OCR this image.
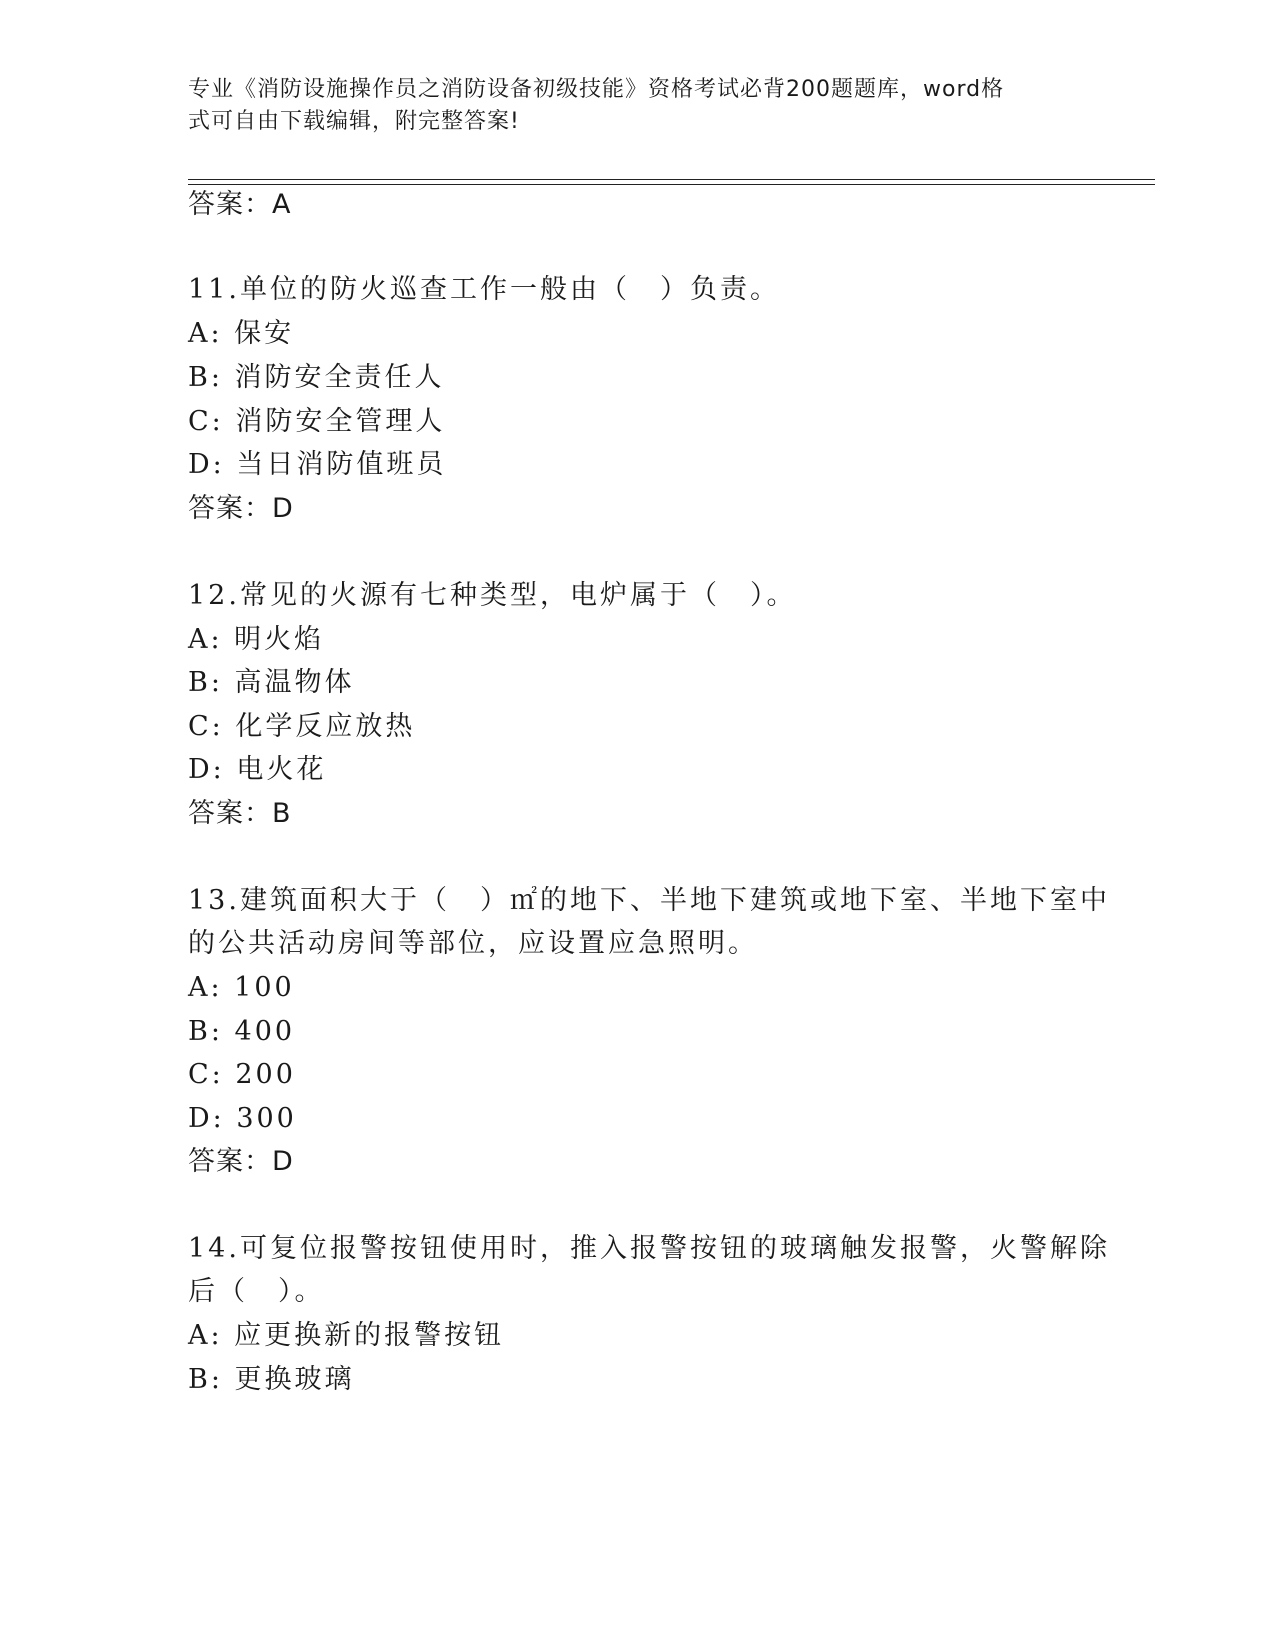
专业《消防设施操作员之消防设备初级技能》资格考试必背200题题库，word格
式可自由下载编辑，附完整答案!
答案：A
11.单位的防火巡查工作一般由（　）负责。
A: 保安
B: 消防安全责任人
C: 消防安全管理人
D: 当日消防值班员
答案：D
12.常见的火源有七种类型，电炉属于（　）。
A: 明火焰
B: 高温物体
C: 化学反应放热
D: 电火花
答案：B
13.建筑面积大于（　）㎡的地下、半地下建筑或地下室、半地下室中
的公共活动房间等部位，应设置应急照明。
A: 100
B: 400
C: 200
D: 300
答案：D
14.可复位报警按钮使用时，推入报警按钮的玻璃触发报警，火警解除
后（　）。
A: 应更换新的报警按钮
B: 更换玻璃
